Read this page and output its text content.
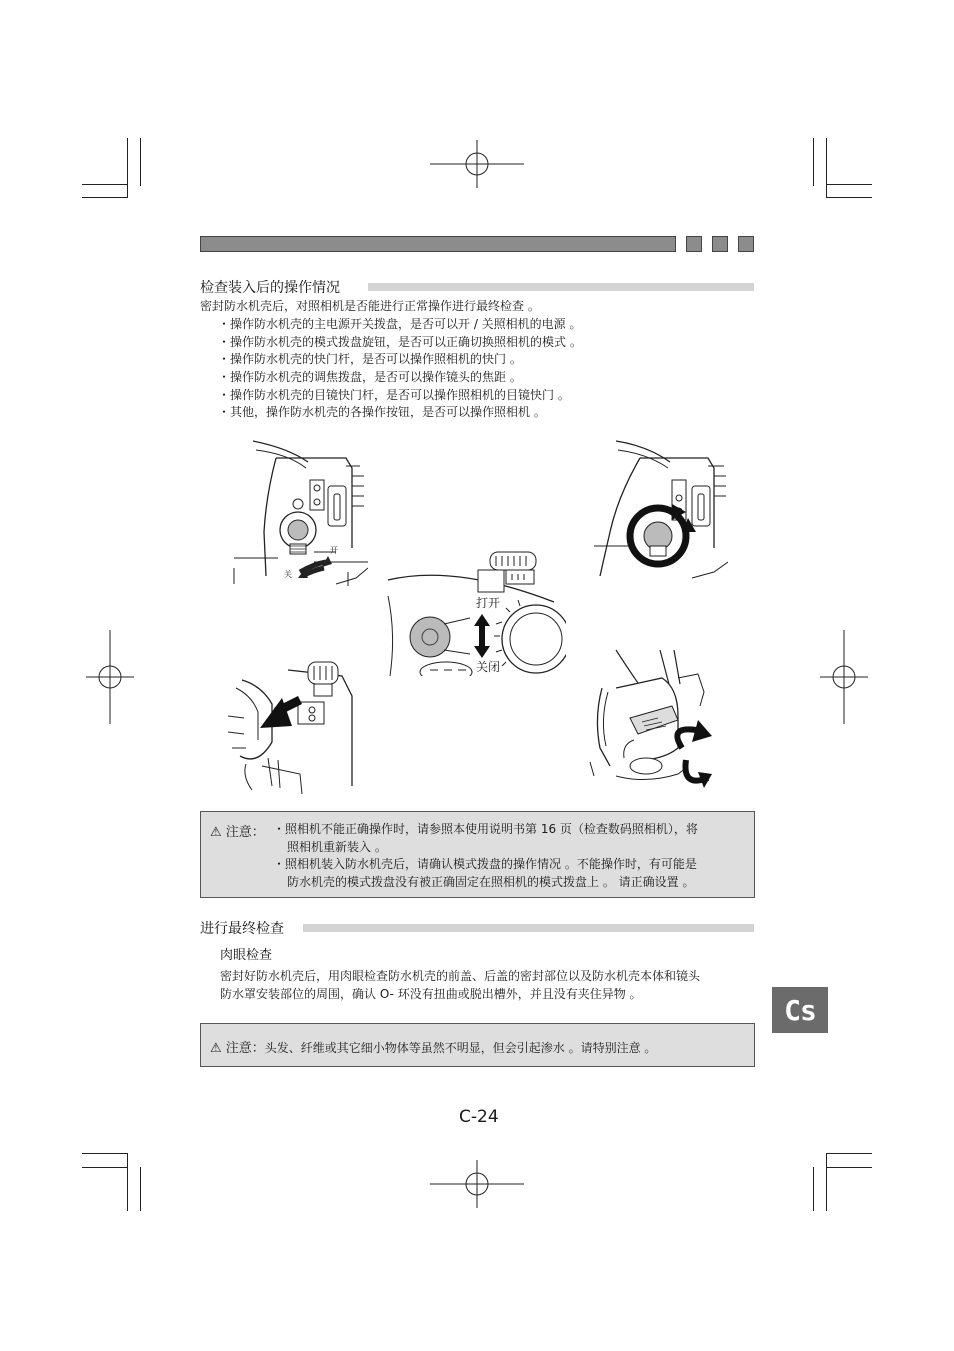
检查装入后的操作情况
密封防水机壳后，对照相机是否能进行正常操作进行最终检查 。
・操作防水机壳的主电源开关拨盘，是否可以开 / 关照相机的电源 。
・操作防水机壳的模式拨盘旋钮，是否可以正确切换照相机的模式 。
・操作防水机壳的快门杆，是否可以操作照相机的快门 。
・操作防水机壳的调焦拨盘，是否可以操作镜头的焦距 。
・操作防水机壳的目镜快门杆，是否可以操作照相机的目镜快门 。
・其他，操作防水机壳的各操作按钮，是否可以操作照相机 。
开
关
打开
关闭
⚠ 注意： ・照相机不能正确操作时，请参照本使用说明书第 16 页（检查数码照相机），将
照相机重新装入 。
・照相机装入防水机壳后，请确认模式拨盘的操作情况 。不能操作时，有可能是
防水机壳的模式拨盘没有被正确固定在照相机的模式拨盘上 。 请正确设置 。
进行最终检查
肉眼检查
密封好防水机壳后，用肉眼检查防水机壳的前盖、后盖的密封部位以及防水机壳本体和镜头
防水罩安装部位的周围，确认 O- 环没有扭曲或脱出槽外，并且没有夹住异物 。
⚠ 注意：头发、纤维或其它细小物体等虽然不明显，但会引起渗水 。请特别注意 。
Cs
C-24
